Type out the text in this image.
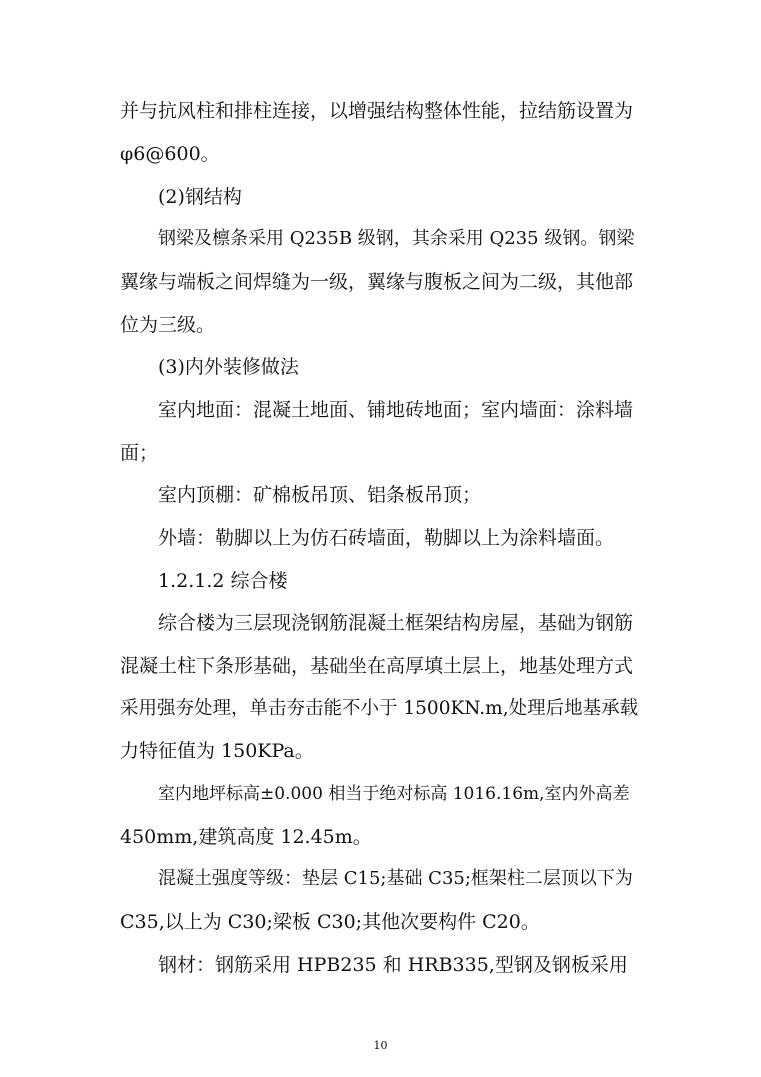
并与抗风柱和排柱连接，以增强结构整体性能，拉结筋设置为
φ6@600。
(2)钢结构
钢梁及檩条采用 Q235B 级钢，其余采用 Q235 级钢。钢梁
翼缘与端板之间焊缝为一级，翼缘与腹板之间为二级，其他部
位为三级。
(3)内外装修做法
室内地面：混凝土地面、铺地砖地面；室内墙面：涂料墙
面；
室内顶棚：矿棉板吊顶、铝条板吊顶；
外墙：勒脚以上为仿石砖墙面，勒脚以上为涂料墙面。
1.2.1.2 综合楼
综合楼为三层现浇钢筋混凝土框架结构房屋，基础为钢筋
混凝土柱下条形基础，基础坐在高厚填土层上，地基处理方式
采用强夯处理，单击夯击能不小于 1500KN.m,处理后地基承载
力特征值为 150KPa。
室内地坪标高±0.000 相当于绝对标高 1016.16m,室内外高差
450mm,建筑高度 12.45m。
混凝土强度等级：垫层 C15;基础 C35;框架柱二层顶以下为
C35,以上为 C30;梁板 C30;其他次要构件 C20。
钢材：钢筋采用 HPB235 和 HRB335,型钢及钢板采用
10
